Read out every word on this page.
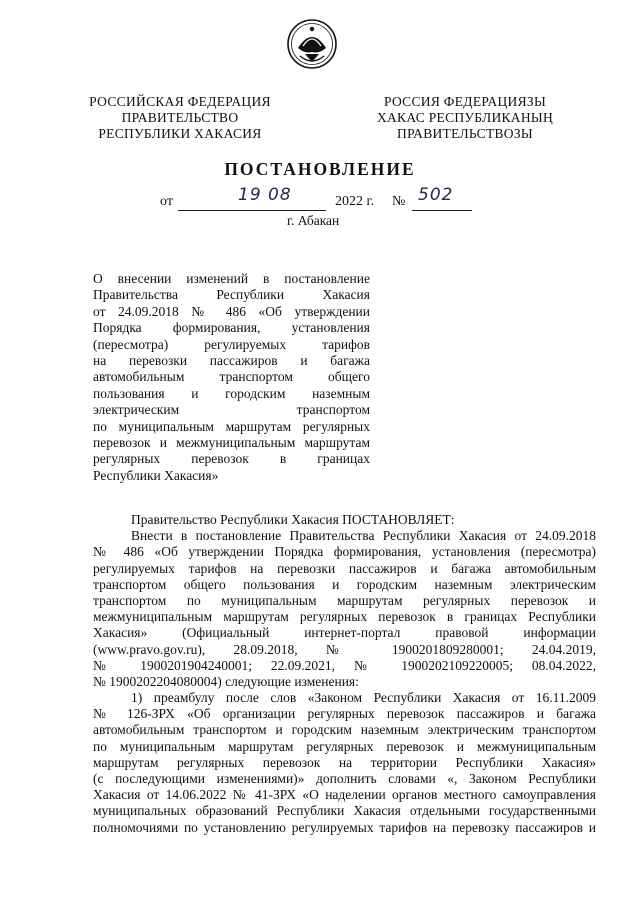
РОССИЙСКАЯ ФЕДЕРАЦИЯ
ПРАВИТЕЛЬСТВО
РЕСПУБЛИКИ ХАКАСИЯ
РОССИЯ ФЕДЕРАЦИЯЗЫ
ХАКАС РЕСПУБЛИКАНЫҢ
ПРАВИТЕЛЬСТВОЗЫ
ПОСТАНОВЛЕНИЕ
от	19 08	2022 г. № 502
г. Абакан
О внесении изменений в постановление
Правительства Республики Хакасия
от 24.09.2018 № 486 «Об утверждении
Порядка формирования, установления
(пересмотра) регулируемых тарифов
на перевозки пассажиров и багажа
автомобильным транспортом общего
пользования и городским наземным
электрическим транспортом
по муниципальным маршрутам регулярных
перевозок и межмуниципальным маршрутам
регулярных перевозок в границах
Республики Хакасия»
Правительство Республики Хакасия ПОСТАНОВЛЯЕТ:
Внести в постановление Правительства Республики Хакасия от 24.09.2018
№ 486 «Об утверждении Порядка формирования, установления (пересмотра)
регулируемых тарифов на перевозки пассажиров и багажа автомобильным
транспортом общего пользования и городским наземным электрическим
транспортом по муниципальным маршрутам регулярных перевозок и
межмуниципальным маршрутам регулярных перевозок в границах Республики
Хакасия» (Официальный интернет-портал правовой информации
(www.pravo.gov.ru), 28.09.2018, № 1900201809280001; 24.04.2019,
№ 1900201904240001; 22.09.2021, № 1900202109220005; 08.04.2022,
№ 1900202204080004) следующие изменения:
1) преамбулу после слов «Законом Республики Хакасия от 16.11.2009
№ 126-ЗРХ «Об организации регулярных перевозок пассажиров и багажа
автомобильным транспортом и городским наземным электрическим транспортом
по муниципальным маршрутам регулярных перевозок и межмуниципальным
маршрутам регулярных перевозок на территории Республики Хакасия»
(с последующими изменениями)» дополнить словами «, Законом Республики
Хакасия от 14.06.2022 № 41-ЗРХ «О наделении органов местного самоуправления
муниципальных образований Республики Хакасия отдельными государственными
полномочиями по установлению регулируемых тарифов на перевозку пассажиров и
